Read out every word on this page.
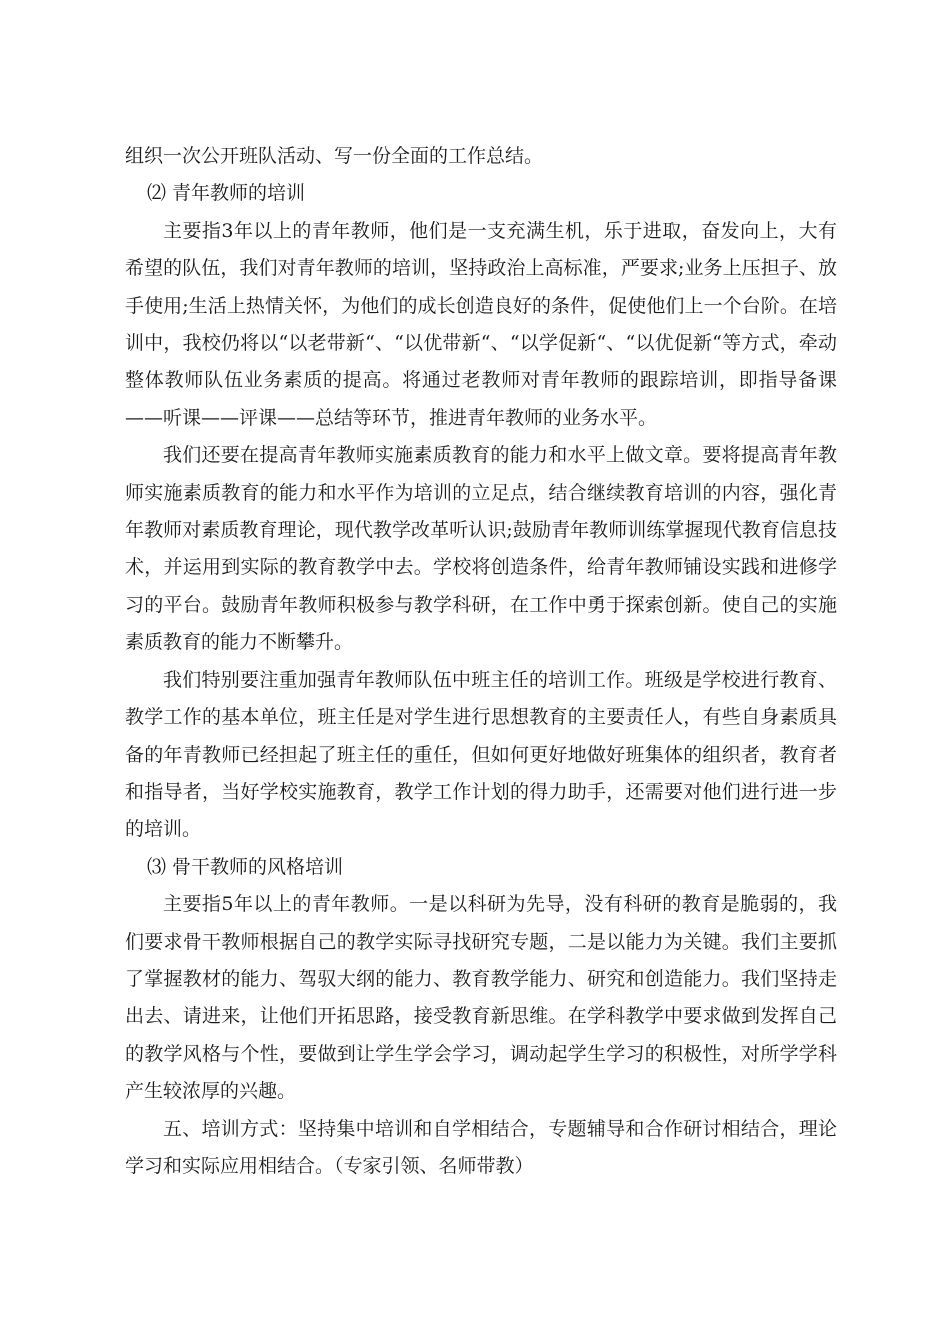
组织一次公开班队活动、写一份全面的工作总结。

⑵ 青年教师的培训

主要指3年以上的青年教师，他们是一支充满生机，乐于进取，奋发向上，大有希望的队伍，我们对青年教师的培训，坚持政治上高标准，严要求;业务上压担子、放手使用;生活上热情关怀，为他们的成长创造良好的条件，促使他们上一个台阶。在培训中，我校仍将以“以老带新“、“以优带新“、“以学促新“、“以优促新“等方式，牵动整体教师队伍业务素质的提高。将通过老教师对青年教师的跟踪培训，即指导备课——听课——评课——总结等环节，推进青年教师的业务水平。

我们还要在提高青年教师实施素质教育的能力和水平上做文章。要将提高青年教师实施素质教育的能力和水平作为培训的立足点，结合继续教育培训的内容，强化青年教师对素质教育理论，现代教学改革听认识;鼓励青年教师训练掌握现代教育信息技术，并运用到实际的教育教学中去。学校将创造条件，给青年教师铺设实践和进修学习的平台。鼓励青年教师积极参与教学科研，在工作中勇于探索创新。使自己的实施素质教育的能力不断攀升。

我们特别要注重加强青年教师队伍中班主任的培训工作。班级是学校进行教育、教学工作的基本单位，班主任是对学生进行思想教育的主要责任人，有些自身素质具备的年青教师已经担起了班主任的重任，但如何更好地做好班集体的组织者，教育者和指导者，当好学校实施教育，教学工作计划的得力助手，还需要对他们进行进一步的培训。

⑶ 骨干教师的风格培训

主要指5年以上的青年教师。一是以科研为先导，没有科研的教育是脆弱的，我们要求骨干教师根据自己的教学实际寻找研究专题，二是以能力为关键。我们主要抓了掌握教材的能力、驾驭大纲的能力、教育教学能力、研究和创造能力。我们坚持走出去、请进来，让他们开拓思路，接受教育新思维。在学科教学中要求做到发挥自己的教学风格与个性，要做到让学生学会学习，调动起学生学习的积极性，对所学学科产生较浓厚的兴趣。

五、培训方式：坚持集中培训和自学相结合，专题辅导和合作研讨相结合，理论学习和实际应用相结合。（专家引领、名师带教）
